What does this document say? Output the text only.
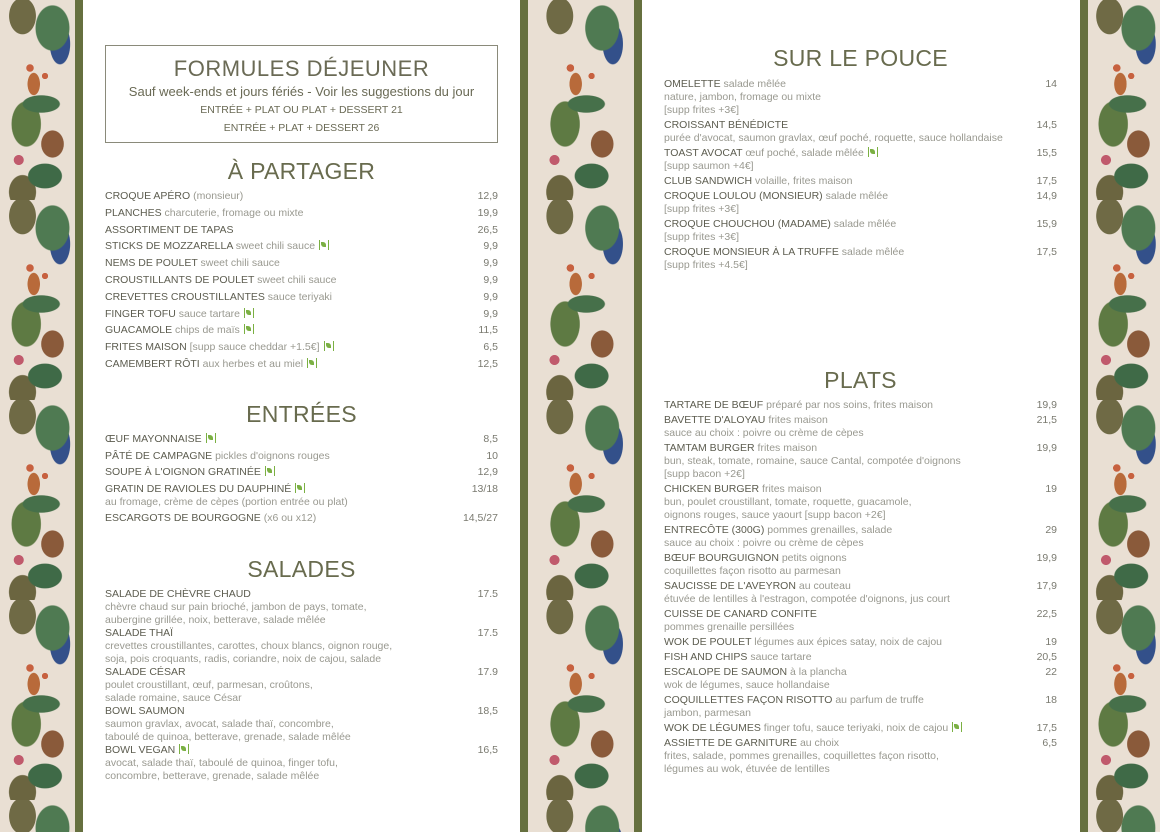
FORMULES DÉJEUNER
Sauf week-ends et jours fériés - Voir les suggestions du jour
ENTRÉE + PLAT OU PLAT + DESSERT 21
ENTRÉE + PLAT + DESSERT 26
À PARTAGER
CROQUE APÉRO (monsieur)	12,9
PLANCHES charcuterie, fromage ou mixte	19,9
ASSORTIMENT DE TAPAS	26,5
STICKS DE MOZZARELLA sweet chili sauce	9,9
NEMS DE POULET sweet chili sauce	9,9
CROUSTILLANTS DE POULET sweet chili sauce	9,9
CREVETTES CROUSTILLANTES sauce teriyaki	9,9
FINGER TOFU sauce tartare	9,9
GUACAMOLE chips de maïs	11,5
FRITES MAISON [supp sauce cheddar +1.5€]	6,5
CAMEMBERT RÔTI aux herbes et au miel	12,5
ENTRÉES
ŒUF MAYONNAISE	8,5
PÂTÉ DE CAMPAGNE pickles d'oignons rouges	10
SOUPE À L'OIGNON GRATINÉE	12,9
GRATIN DE RAVIOLES DU DAUPHINÉ
au fromage, crème de cèpes (portion entrée ou plat)
13/18
ESCARGOTS DE BOURGOGNE (x6 ou x12)	14,5/27
SALADES
SALADE DE CHÈVRE CHAUD
chèvre chaud sur pain brioché, jambon de pays, tomate,
aubergine grillée, noix, betterave, salade mêlée
17.5
SALADE THAÏ
crevettes croustillantes, carottes, choux blancs, oignon rouge,
soja, pois croquants, radis, coriandre, noix de cajou, salade
17.5
SALADE CÉSAR
poulet croustillant, œuf, parmesan, croûtons,
salade romaine, sauce César
17.9
BOWL SAUMON
saumon gravlax, avocat, salade thaï, concombre,
taboulé de quinoa, betterave, grenade, salade mêlée
18,5
BOWL VEGAN
avocat, salade thaï, taboulé de quinoa, finger tofu,
concombre, betterave, grenade, salade mêlée
16,5
SUR LE POUCE
OMELETTE salade mêlée
nature, jambon, fromage ou mixte
[supp frites +3€]
14
CROISSANT BÉNÉDICTE
purée d'avocat, saumon gravlax, œuf poché, roquette, sauce hollandaise
14,5
TOAST AVOCAT œuf poché, salade mêlée
[supp saumon +4€]
15,5
CLUB SANDWICH volaille, frites maison	17,5
CROQUE LOULOU (MONSIEUR) salade mêlée
[supp frites +3€]
14,9
CROQUE CHOUCHOU (MADAME) salade mêlée
[supp frites +3€]
15,9
CROQUE MONSIEUR À LA TRUFFE salade mêlée
[supp frites +4.5€]
17,5
PLATS
TARTARE DE BŒUF préparé par nos soins, frites maison	19,9
BAVETTE D'ALOYAU frites maison
sauce au choix : poivre ou crème de cèpes
21,5
TAMTAM BURGER frites maison
bun, steak, tomate, romaine, sauce Cantal, compotée d'oignons
[supp bacon +2€]
19,9
CHICKEN BURGER frites maison
bun, poulet croustillant, tomate, roquette, guacamole,
oignons rouges, sauce yaourt [supp bacon +2€]
19
ENTRECÔTE (300G) pommes grenailles, salade
sauce au choix : poivre ou crème de cèpes
29
BŒUF BOURGUIGNON petits oignons
coquillettes façon risotto au parmesan
19,9
SAUCISSE DE L'AVEYRON au couteau
étuvée de lentilles à l'estragon, compotée d'oignons, jus court
17,9
CUISSE DE CANARD CONFITE
pommes grenaille persillées
22,5
WOK DE POULET légumes aux épices satay, noix de cajou	19
FISH AND CHIPS sauce tartare	20,5
ESCALOPE DE SAUMON à la plancha
wok de légumes, sauce hollandaise
22
COQUILLETTES FAÇON RISOTTO au parfum de truffe
jambon, parmesan
18
WOK DE LÉGUMES finger tofu, sauce teriyaki, noix de cajou	17,5
ASSIETTE DE GARNITURE au choix
frites, salade, pommes grenailles, coquillettes façon risotto,
légumes au wok, étuvée de lentilles
6,5
